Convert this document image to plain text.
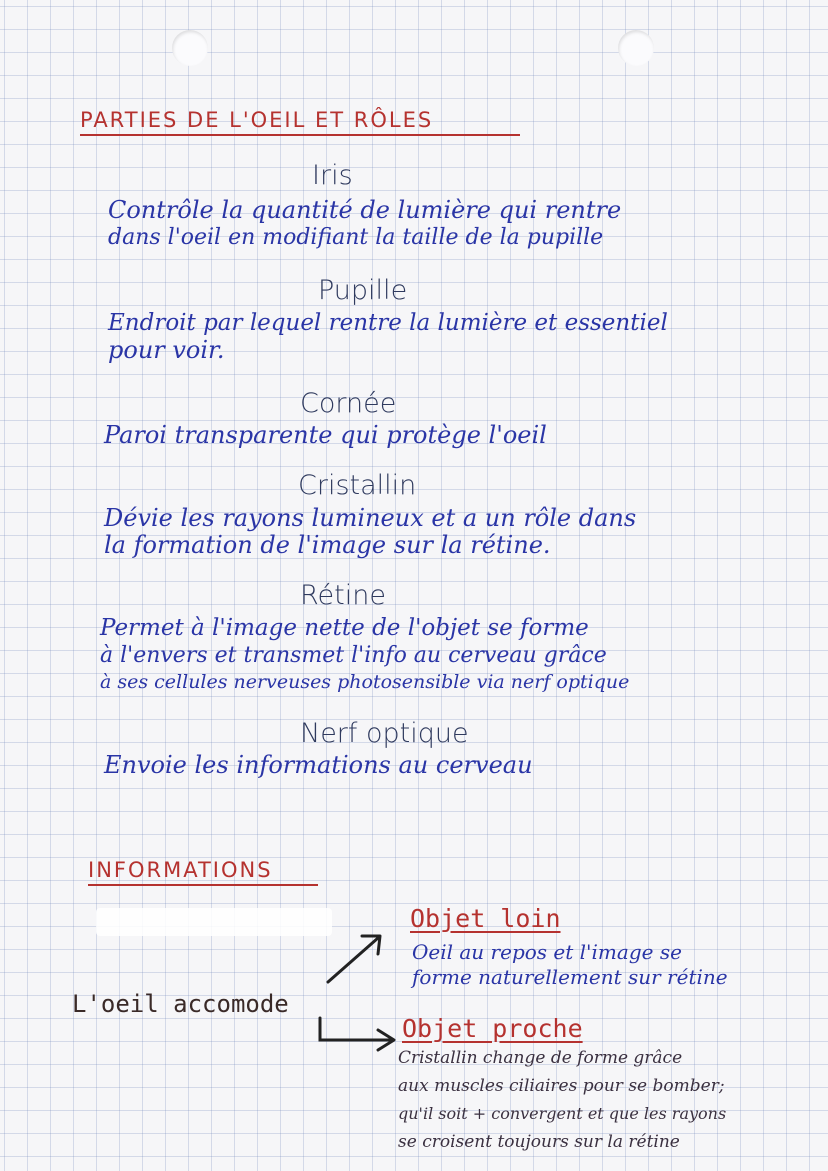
PARTIES DE L'OEIL ET RÔLES
Iris
Contrôle la quantité de lumière qui rentre
dans l'oeil en modifiant la taille de la pupille
Pupille
Endroit par lequel rentre la lumière et essentiel
pour voir.
Cornée
Paroi transparente qui protège l'oeil
Cristallin
Dévie les rayons lumineux et a un rôle dans
la formation de l'image sur la rétine.
Rétine
Permet à l'image nette de l'objet se forme
à l'envers et transmet l'info au cerveau grâce
à ses cellules nerveuses photosensible via nerf optique
Nerf optique
Envoie les informations au cerveau
INFORMATIONS
L'oeil accomode
Objet loin
Oeil au repos et l'image se
forme naturellement sur rétine
Objet proche
Cristallin change de forme grâce
aux muscles ciliaires pour se bomber;
qu'il soit + convergent et que les rayons
se croisent toujours sur la rétine
